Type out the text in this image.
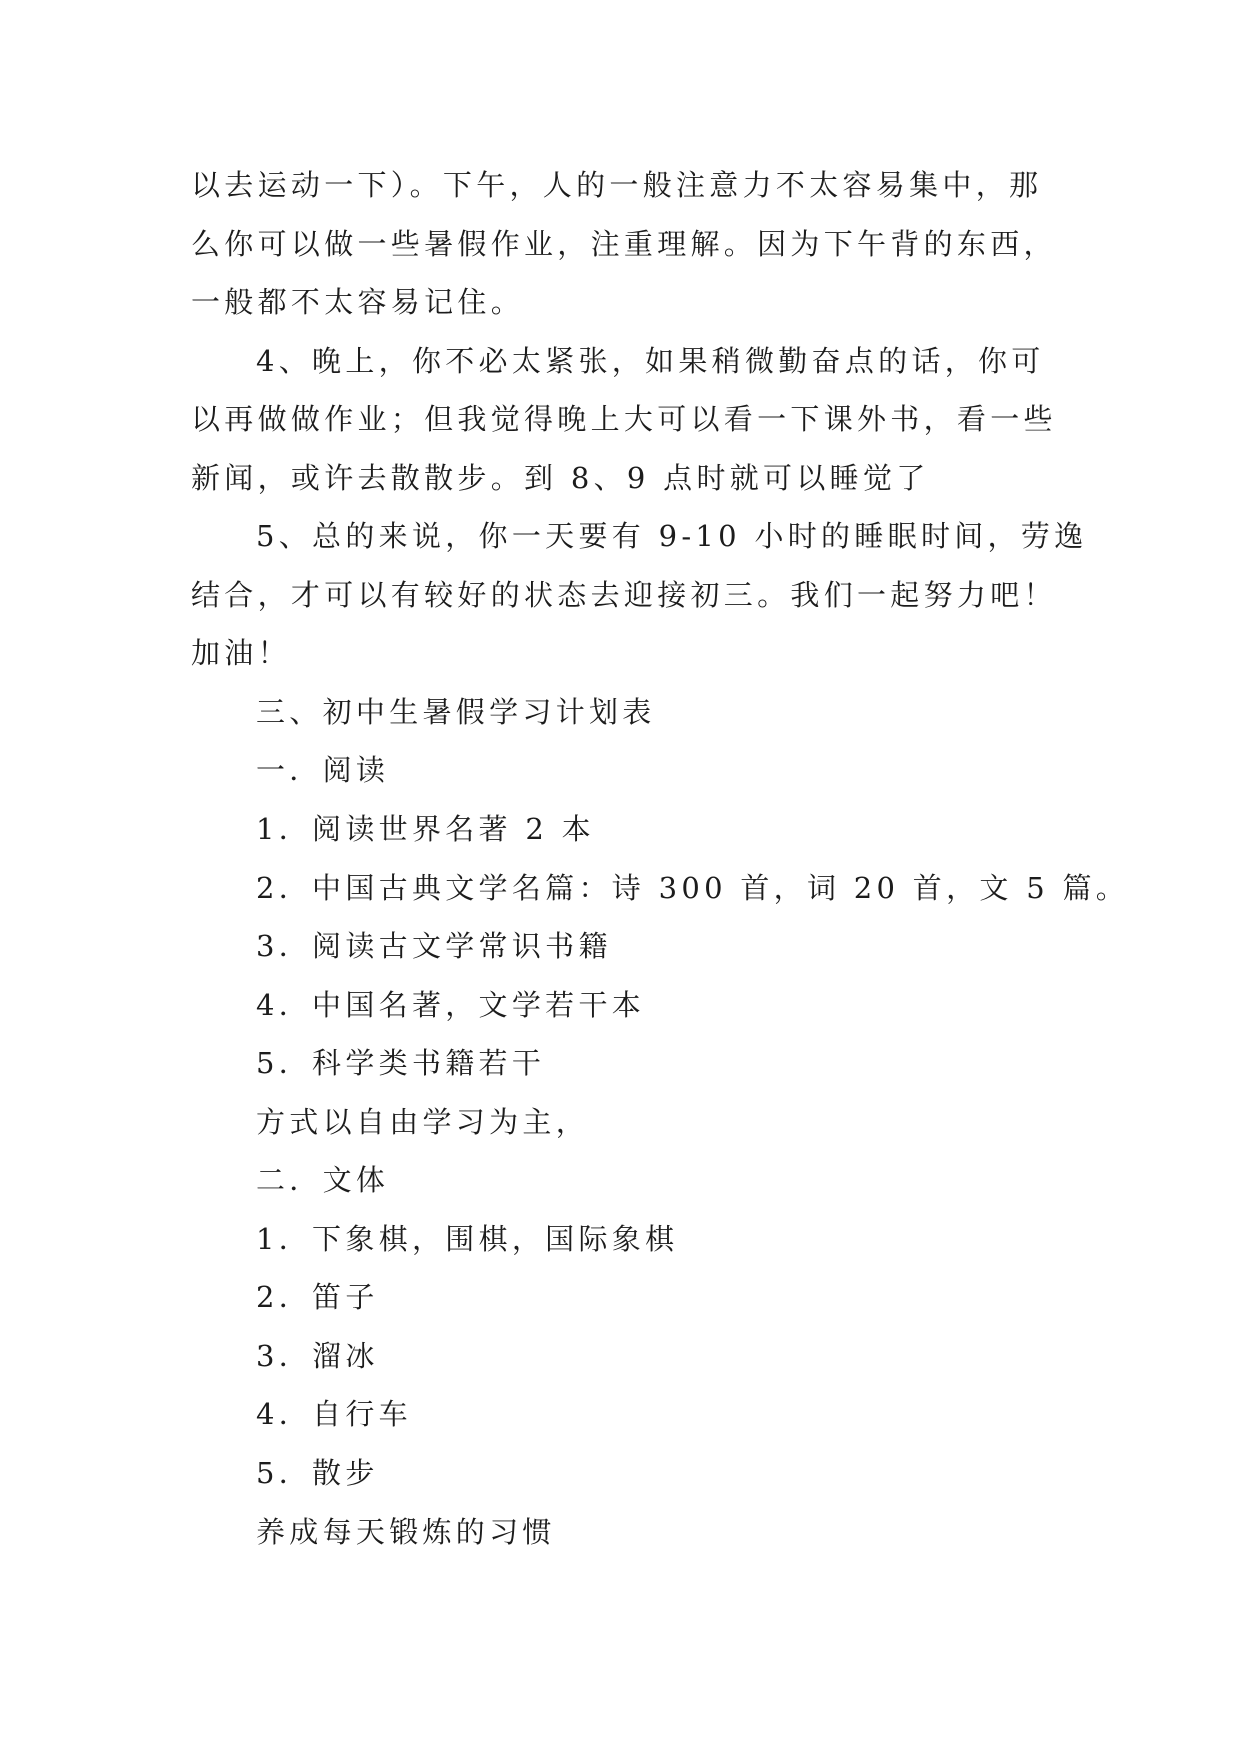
以去运动一下）。下午，人的一般注意力不太容易集中，那
么你可以做一些暑假作业，注重理解。因为下午背的东西，
一般都不太容易记住。
4、晚上，你不必太紧张，如果稍微勤奋点的话，你可
以再做做作业；但我觉得晚上大可以看一下课外书，看一些
新闻，或许去散散步。到 8、9 点时就可以睡觉了
5、总的来说，你一天要有 9-10 小时的睡眠时间，劳逸
结合，才可以有较好的状态去迎接初三。我们一起努力吧！
加油！
三、初中生暑假学习计划表
一．阅读
1．阅读世界名著 2 本
2．中国古典文学名篇：诗 300 首，词 20 首，文 5 篇。
3．阅读古文学常识书籍
4．中国名著，文学若干本
5．科学类书籍若干
方式以自由学习为主，
二．文体
1．下象棋，围棋，国际象棋
2．笛子
3．溜冰
4．自行车
5．散步
养成每天锻炼的习惯
